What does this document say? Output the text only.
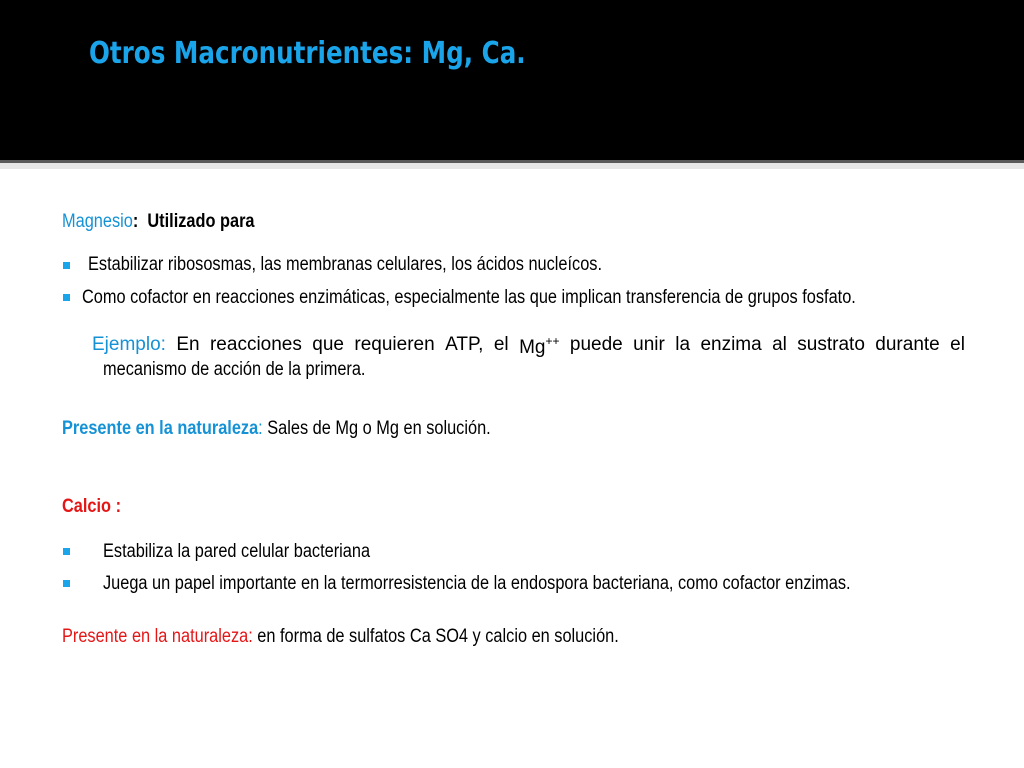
Otros Macronutrientes: Mg, Ca.
Magnesio: Utilizado para
Estabilizar ribososmas, las membranas celulares, los ácidos nucleícos.
Como cofactor en reacciones enzimáticas, especialmente las que implican transferencia de grupos fosfato.
Ejemplo: En reacciones que requieren ATP, el Mg++ puede unir la enzima al sustrato durante el
mecanismo de acción de la primera.
Presente en la naturaleza: Sales de Mg o Mg en solución.
Calcio :
Estabiliza la pared celular bacteriana
Juega un papel importante en la termorresistencia de la endospora bacteriana, como cofactor enzimas.
Presente en la naturaleza: en forma de sulfatos Ca SO4 y calcio en solución.
